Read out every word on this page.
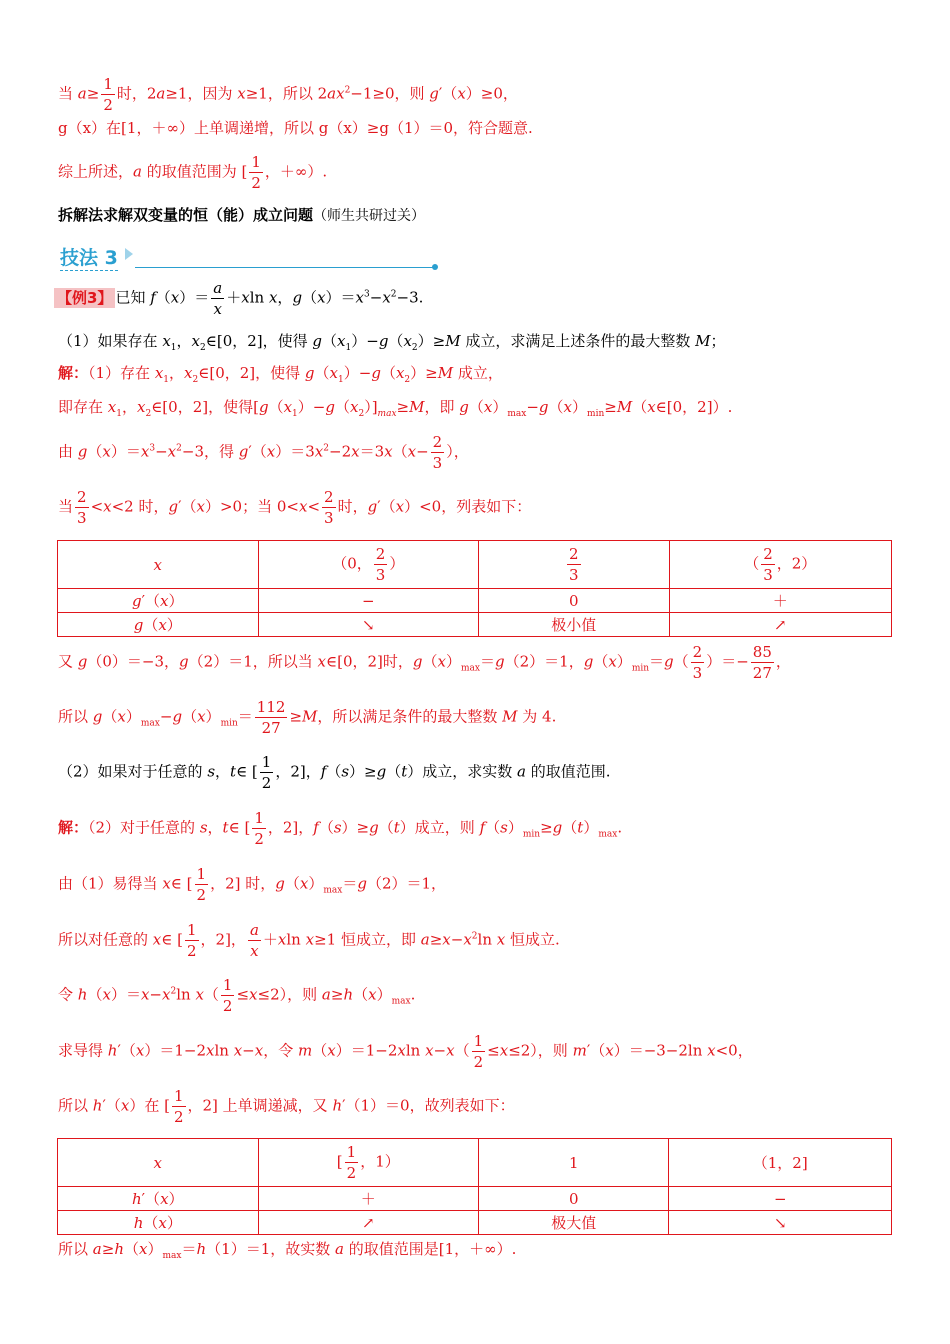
当 $a\ge \frac{1}{2}$ 时，2a≥1，因为 x≥1，所以 $2ax^2-1\ge 0$，则 g′（x）≥0，
g（x）在[1，＋∞）上单调递增，所以 g（x）≥g（1）＝0，符合题意.
综上所述，a 的取值范围为 [ $\frac{1}{2}$ ，＋∞）.
拆解法求解双变量的恒（能）成立问题（师生共研过关）
技法 3
【例3】 已知 $f(x)= \frac{a}{x} +xln$ x，$g(x)=x^3-x^2-3$.
（1）如果存在 $x_1$，$x_2\in[0$，2]，使得 $g(x_1)-g(x_2)\ge M$ 成立，求满足上述条件的最大整数 M；
解：（1）存在 $x_1$，$x_2\in[0$，2]，使得 $g(x_1)-g(x_2)\ge M$ 成立，
即存在 $x_1$，$x_2\in[0$，2]，使得$[g(x_1)-g(x_2)]_{max}\ge M$，即 $g(x)_{max}-g(x)_{min}\ge M(x\in[0$，2]）.
由 $g(x)=x^3-x^2-3$，得 $g'(x)=3x^2-2x=3x(x- \frac{2}{3}$ ），
当 $\frac{2}{3} <x<2$ 时，g′（x）>0；当 $0<x< \frac{2}{3}$ 时，g′（x）<0，列表如下：
x	（0， $\frac{2}{3}$ ）	$\frac{2}{3}$	（ $\frac{2}{3}$ ，2）
g′（x）	−	0	＋
g（x）	↘	极小值	↗
又 g（0）＝−3，g（2）＝1，所以当 x∈[0，2]时，$g(x)_{max}=g(2)=1$，$g(x)_{min}=g( \frac{2}{3}$ ）＝− $\frac{85}{27}$ ，
所以 $g(x)_{max}-g(x)_{min}= \frac{112}{27} \ge M$，所以满足条件的最大整数 M 为 4.
（2）如果对于任意的 s，t∈ [ $\frac{1}{2}$ ，2]，f（s）≥g（t）成立，求实数 a 的取值范围.
解：（2）对于任意的 s，t∈ [ $\frac{1}{2}$ ，2]，f（s）≥g（t）成立，则 $f(s)_{min}\ge g(t)_{max}$.
由（1）易得当 x∈ [ $\frac{1}{2}$ ，2] 时，$g(x)_{max}=g(2)=1$，
所以对任意的 x∈ [ $\frac{1}{2}$ ，2]， $\frac{a}{x} +xln$ x≥1 恒成立，即 $a\ge x-x^2\ln$ x 恒成立.
令 $h(x)=x-x^2\ln$ $x( \frac{1}{2} \le x\le 2)$，则 $a\ge h(x)_{max}$.
求导得 h′（x）＝1−2xln x−x，令 m（x）＝1−2xln $x-x( \frac{1}{2} \le x\le 2)$，则 m′（x）＝−3−2ln x<0，
所以 h′（x）在 [ $\frac{1}{2}$ ，2] 上单调递减，又 h′（1）＝0，故列表如下：
x	[ $\frac{1}{2}$ ，1）	1	（1，2]
h′（x）	＋	0	−
h（x）	↗	极大值	↘
所以 $a\ge h(x)_{max}=h(1)=1$，故实数 a 的取值范围是[1，＋∞）.
